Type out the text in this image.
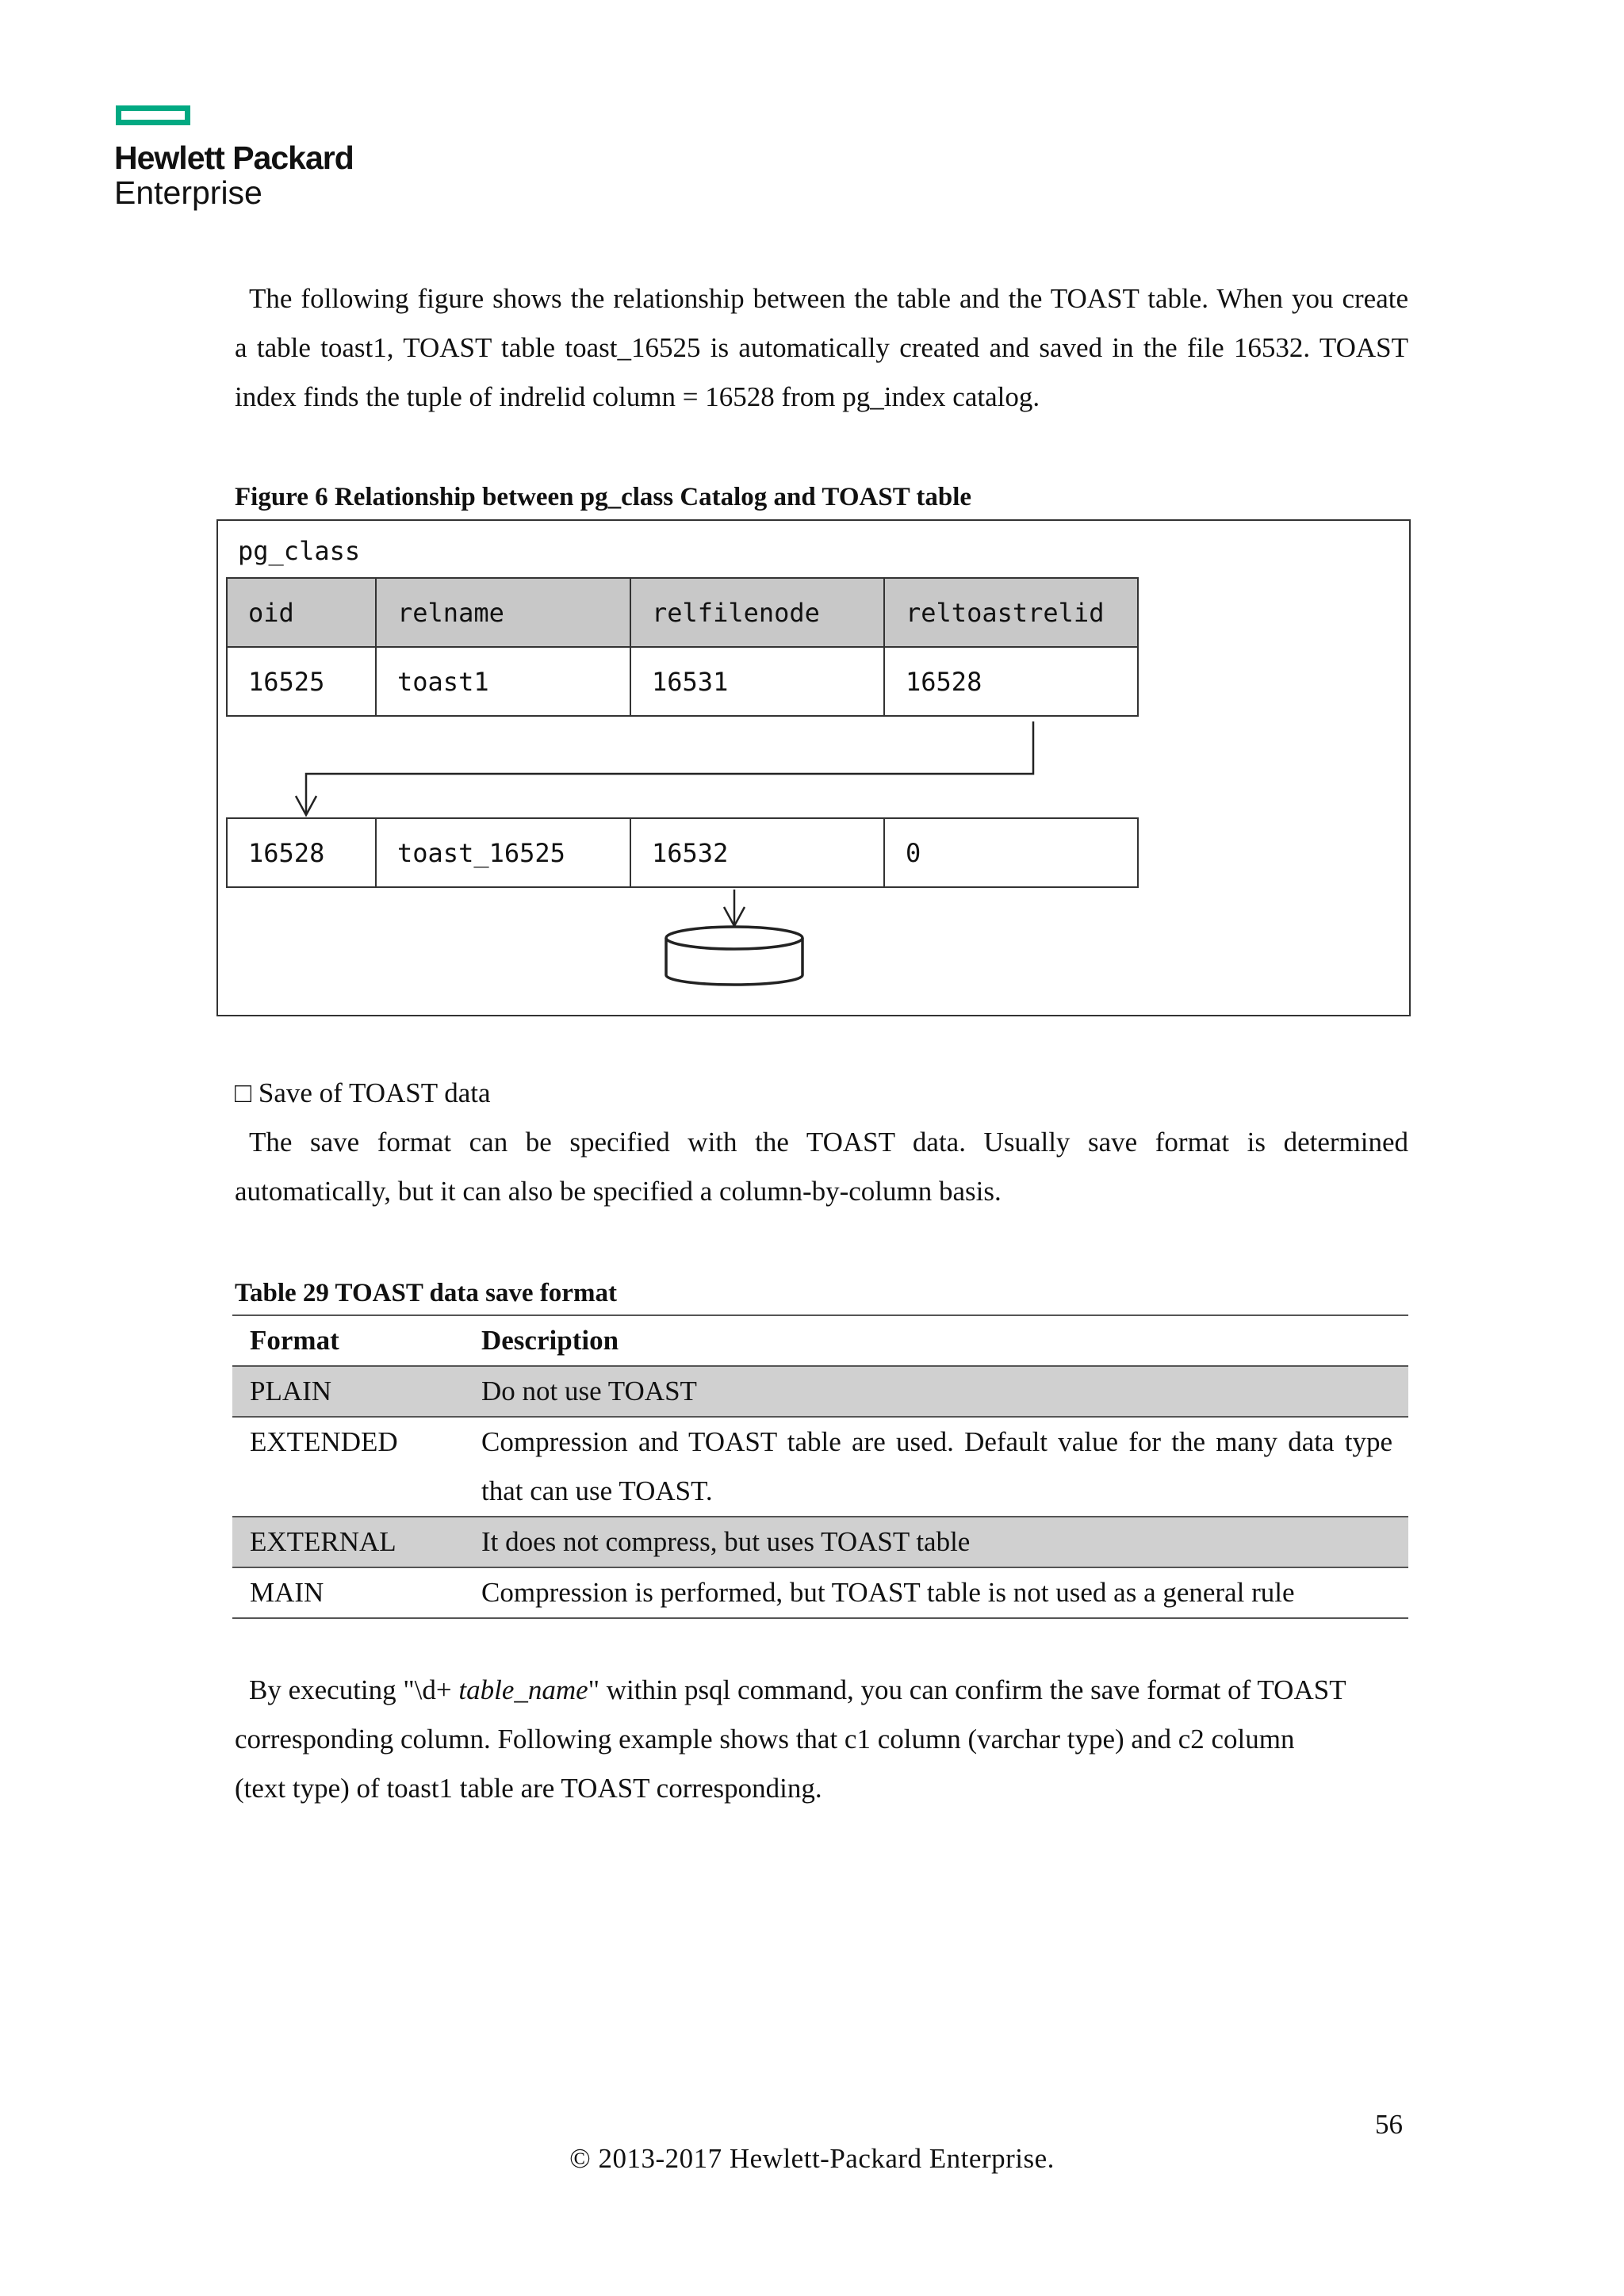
Hewlett Packard
Enterprise
The following figure shows the relationship between the table and the TOAST table. When you create
a table toast1, TOAST table toast_16525 is automatically created and saved in the file 16532. TOAST
index finds the tuple of indrelid column = 16528 from pg_index catalog.
Figure 6 Relationship between pg_class Catalog and TOAST table
pg_class
oid	relname	relfilenode	reltoastrelid
16525	toast1	16531	16528
16528	toast_16525	16532	0
□ Save of TOAST data
The save format can be specified with the TOAST data. Usually save format is determined
automatically, but it can also be specified a column-by-column basis.
Table 29 TOAST data save format
Format	Description
PLAIN	Do not use TOAST
EXTENDED	Compression and TOAST table are used. Default value for the many data type that can use TOAST.
EXTERNAL	It does not compress, but uses TOAST table
MAIN	Compression is performed, but TOAST table is not used as a general rule
By executing "\d+ table_name" within psql command, you can confirm the save format of TOAST
corresponding column. Following example shows that c1 column (varchar type) and c2 column
(text type) of toast1 table are TOAST corresponding.
56
© 2013-2017 Hewlett-Packard Enterprise.
